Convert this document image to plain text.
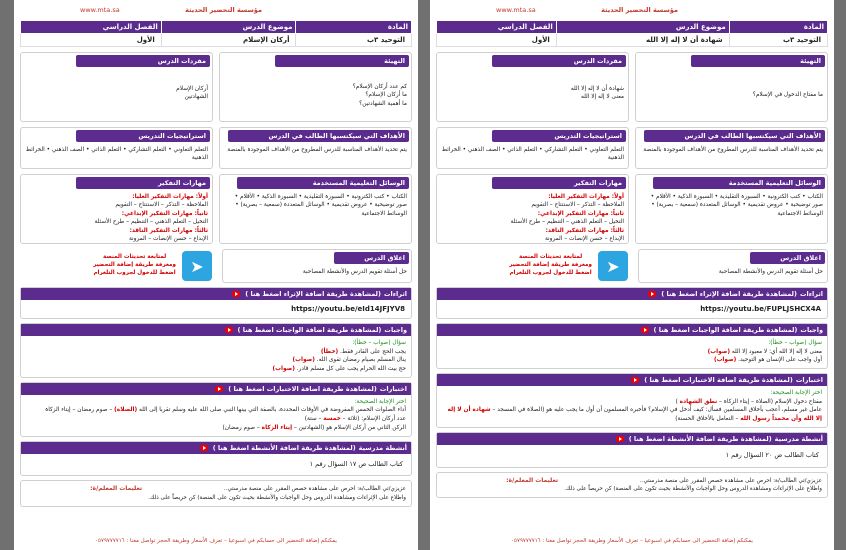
مؤسسة التحضير الحديثة
www.mta.sa
المادة	موضوع الدرس	الفصل الدراسي
التوحيد ٣ب	أركان الإسلام	الأول
التهيئة
كم عدد أركان الإسلام؟
ما أركان الإسلام؟
ما أهمية الشهادتين؟
مفردات الدرس
أركان الإسلام
الشهادتين
الأهداف التي سيكتسبها الطالب في الدرس
يتم تحديد الأهداف المناسبة للدرس المطروح من الأهداف الموجودة بالمنصة
استراتيجيات التدريس
التعلم التعاوني • التعلم التشاركي • التعلم الذاتي • الصف الذهني • الخرائط الذهنية
الوسائل التعليمية المستخدمة
الكتاب • كتب الكترونية • السبورة التقليدية • السبورة الذكية • الأقلام • صور توضيحية • عروض تقديمية • الوسائل المتعددة (سمعية – بصرية) • الوسائط الاجتماعية
مهارات التفكير
أولاً: مهارات التفكير العليا:
الملاحظة – التذكر – الاستنتاج – التقويم
ثانياً: مهارات التفكير الإبداعي:
التخيل – التعلم الذهني – التنظيم – طرح الأسئلة
ثالثاً: مهارات التفكير الناقد:
الإبداع – حسن الإنصات – المرونة
اغلاق الدرس
حل أسئلة تقويم الدرس والأنشطة المصاحبة
➤
لمتابعة تحديثات المنصة
ومعرفة طريقة إضافة التحضير
اضغط للدخول لجروب التلغرام
اثراءات
(لمشاهدة طريقة اضافة الإثراء اضغط هنا )
https://youtu.be/eId14JFJYV8
واجبات
(لمشاهدة طريقة اضافة الواجبات اضغط هنا )
سؤال (صواب – خطأ):
يجب الحج على القادر فقط. (خطأ)
ينال المسلم بصيام رمضان تقوى الله. (صواب)
حج بيت الله الحرام يجب على كل مسلم قادر. (صواب)
اختبارات
(لمشاهدة طريقة اضافة الاختبارات اضغط هنا )
اختر الإجابة الصحيحة:
أداء الصلوات الخمس المفروضة في الأوقات المحددة، بالصفة التي بينها النبي صلى الله عليه وسلم تقربا إلى الله (الصلاة) – صوم رمضان – إيتاء الزكاة
عدد أركان الإسلام: (ثلاثة – خمسة – ستة)
الركن الثاني من أركان الإسلام هو (الشهادتين – إيتاء الزكاة – صوم رمضان)
أنشطة مدرسية
(لمشاهدة طريقة اضافة الأنشطة اضغط هنا )
كتاب الطالب ص ١٧ السؤال رقم ١
عزيزي/تي الطالب/ة: احرص على مشاهدة حصص المقرر على منصة مدرستي..
واطلاع على الإثراءات ومشاهدة الدروس وحل الواجبات والأنشطة بحيث تكون على المنصة) كن حريصاً على ذلك.
تعليمات المعلم/ة:
يمكنكم إضافة التحضير الى حسابكم في اسبوعيا – تعرف الأسعار وطريقة الحجز تواصل معنا : ٠٥٧٩٧٧٧٧١٦
مؤسسة التحضير الحديثة
www.mta.sa
المادة	موضوع الدرس	الفصل الدراسي
التوحيد ٣ب	شهادة أن لا إله إلا الله	الأول
التهيئة
ما مفتاح الدخول في الإسلام؟
مفردات الدرس
شهادة أن لا إله إلا الله
معنى لا إله إلا الله
الأهداف التي سيكتسبها الطالب في الدرس
يتم تحديد الأهداف المناسبة للدرس المطروح من الأهداف الموجودة بالمنصة
استراتيجيات التدريس
التعلم التعاوني • التعلم التشاركي • التعلم الذاتي • الصف الذهني • الخرائط الذهنية
الوسائل التعليمية المستخدمة
الكتاب • كتب الكترونية • السبورة التقليدية • السبورة الذكية • الأقلام • صور توضيحية • عروض تقديمية • الوسائل المتعددة (سمعية – بصرية) • الوسائط الاجتماعية
مهارات التفكير
أولاً: مهارات التفكير العليا:
الملاحظة – التذكر – الاستنتاج – التقويم
ثانياً: مهارات التفكير الإبداعي:
التخيل – التعلم الذهني – التنظيم – طرح الأسئلة
ثالثاً: مهارات التفكير الناقد:
الإبداع – حسن الإنصات – المرونة
اغلاق الدرس
حل أسئلة تقويم الدرس والأنشطة المصاحبة
➤
لمتابعة تحديثات المنصة
ومعرفة طريقة إضافة التحضير
اضغط للدخول لجروب التلغرام
اثراءات
(لمشاهدة طريقة اضافة الإثراء اضغط هنا )
https://youtu.be/FUPLJSHCX4A
واجبات
(لمشاهدة طريقة اضافة الواجبات اضغط هنا )
سؤال (صواب – خطأ):
معنى لا إله إلا الله أي: لا معبود إلا الله (صواب)
أول واجب على الإنسان هو التوحيد. (صواب)
اختبارات
(لمشاهدة طريقة اضافة الاختبارات اضغط هنا )
اختر الإجابة الصحيحة:
مفتاح دخول الإسلام (الصلاة – إيتاء الزكاة – نطق الشهادة )
عامل غير مسلم، أعجب بأخلاق المسلمين فسأل: كيف أدخل في الإسلام؟ فأخبره المسلمون أن أول ما يجب عليه هو (الصلاة في المسجد – شهادة أن لا إله إلا الله وأن محمداً رسول الله – التعامل بالأخلاق الحسنة)
أنشطة مدرسية
(لمشاهدة طريقة اضافة الأنشطة اضغط هنا )
كتاب الطالب ص ٢٠ السؤال رقم ١
عزيزي/تي الطالب/ة: احرص على مشاهدة حصص المقرر على منصة مدرستي..
واطلاع على الإثراءات ومشاهدة الدروس وحل الواجبات والأنشطة بحيث تكون على المنصة) كن حريصاً على ذلك.
تعليمات المعلم/ة:
يمكنكم إضافة التحضير الى حسابكم في اسبوعيا – تعرف الأسعار وطريقة الحجز تواصل معنا : ٠٥٧٩٧٧٧٧١٦
